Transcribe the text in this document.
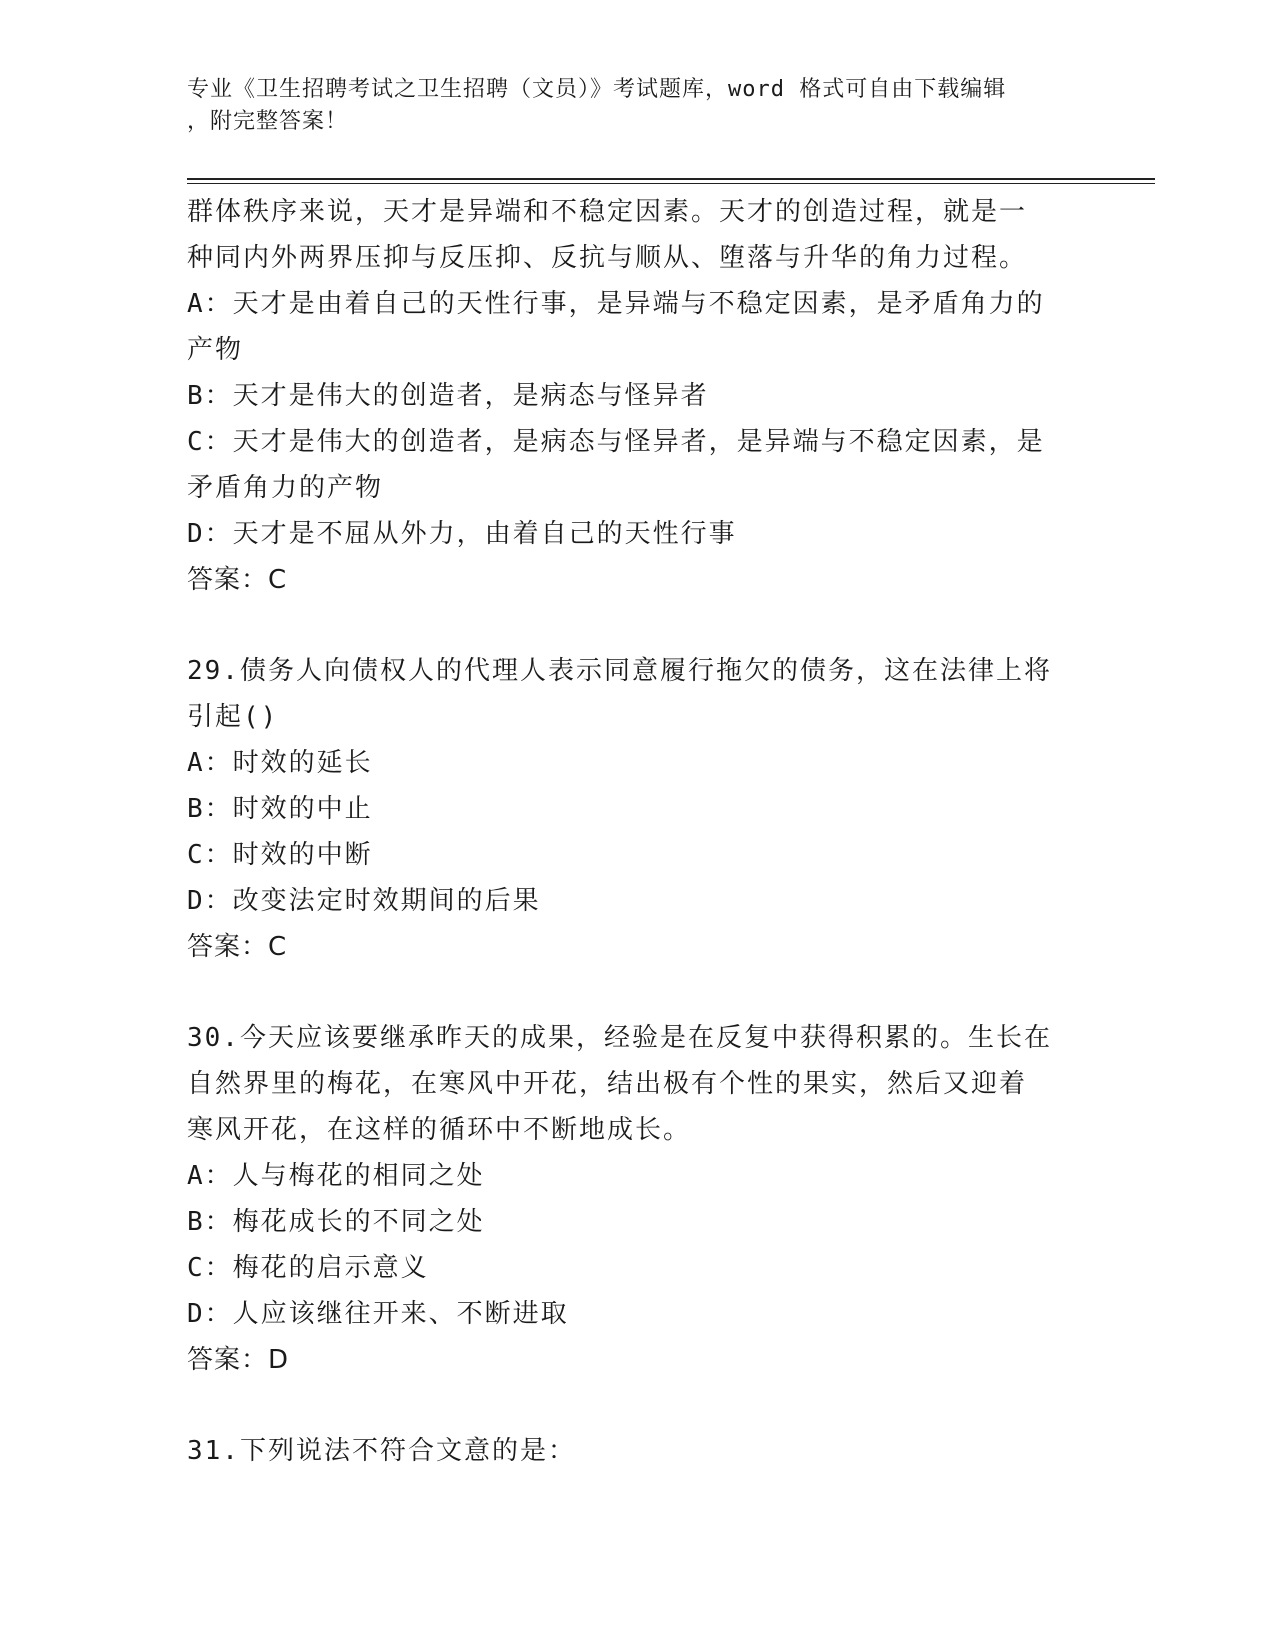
专业《卫生招聘考试之卫生招聘（文员）》考试题库，word 格式可自由下载编辑
，附完整答案！
群体秩序来说，天才是异端和不稳定因素。天才的创造过程，就是一
种同内外两界压抑与反压抑、反抗与顺从、堕落与升华的角力过程。
A：天才是由着自己的天性行事，是异端与不稳定因素，是矛盾角力的
产物
B：天才是伟大的创造者，是病态与怪异者
C：天才是伟大的创造者，是病态与怪异者，是异端与不稳定因素，是
矛盾角力的产物
D：天才是不屈从外力，由着自己的天性行事
答案：C
29.债务人向债权人的代理人表示同意履行拖欠的债务，这在法律上将
引起()
A：时效的延长
B：时效的中止
C：时效的中断
D：改变法定时效期间的后果
答案：C
30.今天应该要继承昨天的成果，经验是在反复中获得积累的。生长在
自然界里的梅花，在寒风中开花，结出极有个性的果实，然后又迎着
寒风开花，在这样的循环中不断地成长。
A：人与梅花的相同之处
B：梅花成长的不同之处
C：梅花的启示意义
D：人应该继往开来、不断进取
答案：D
31.下列说法不符合文意的是：
